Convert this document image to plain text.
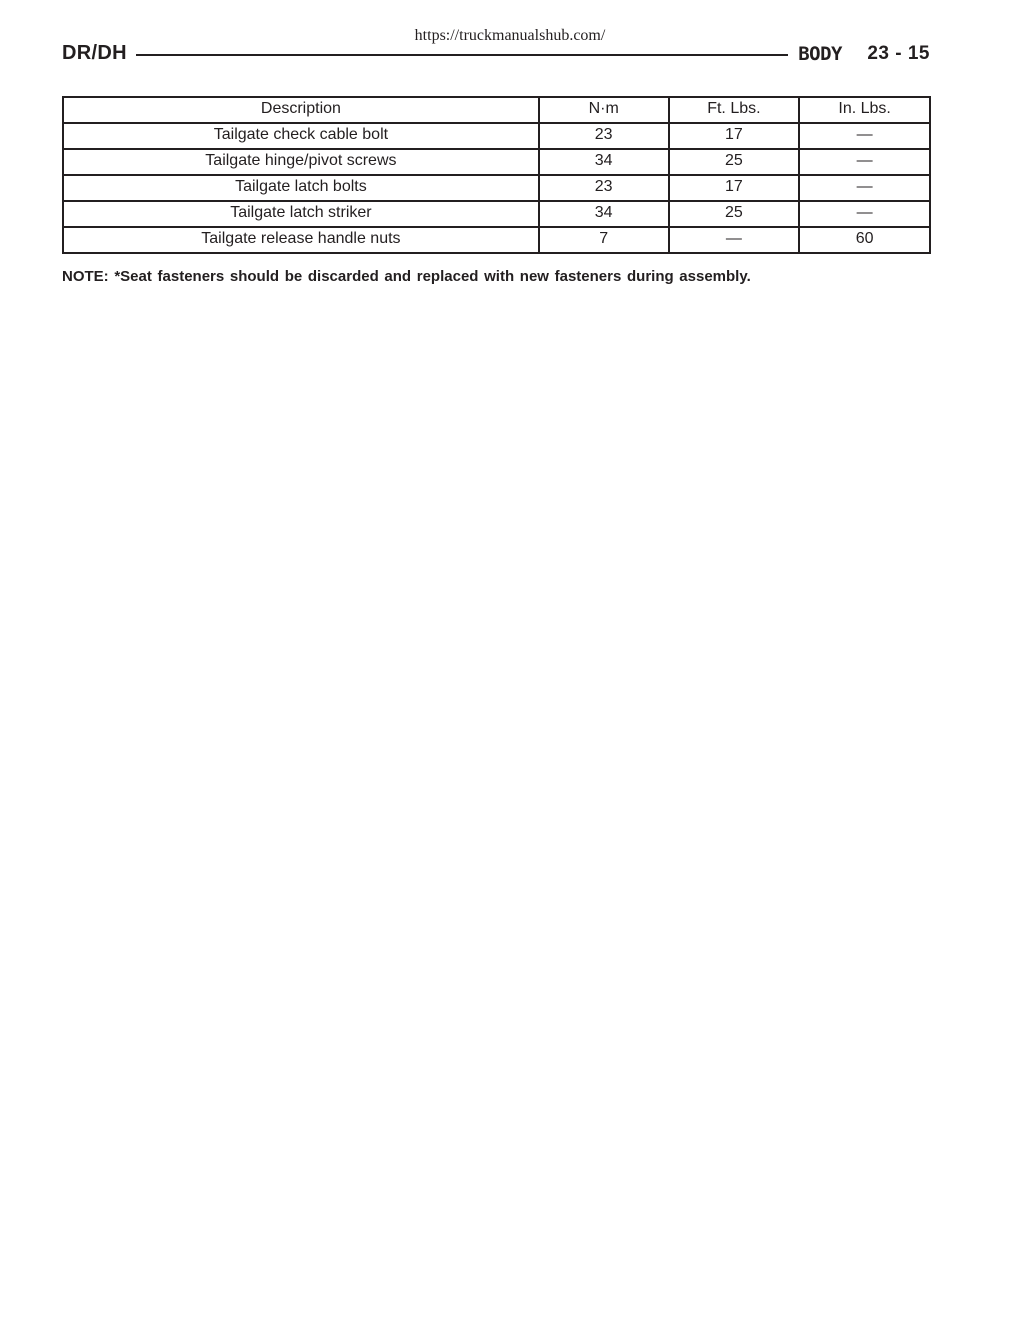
https://truckmanualshub.com/
DR/DH	BODY 23 - 15
Description	N·m	Ft. Lbs.	In. Lbs.
Tailgate check cable bolt	23	17	—
Tailgate hinge/pivot screws	34	25	—
Tailgate latch bolts	23	17	—
Tailgate latch striker	34	25	—
Tailgate release handle nuts	7	—	60
NOTE: *Seat fasteners should be discarded and replaced with new fasteners during assembly.
